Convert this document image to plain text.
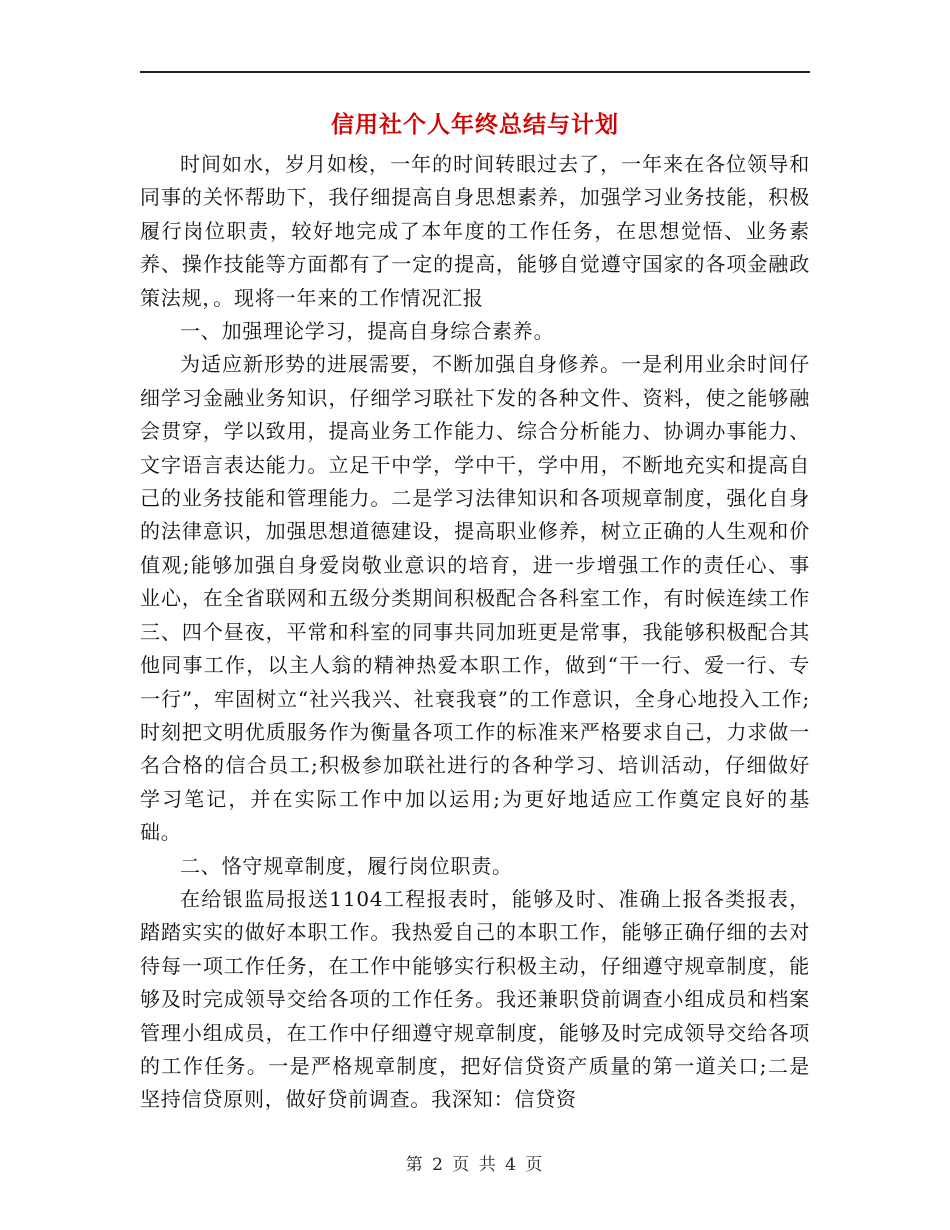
信用社个人年终总结与计划

时间如水，岁月如梭，一年的时间转眼过去了，一年来在各位领导和同事的关怀帮助下，我仔细提高自身思想素养，加强学习业务技能，积极履行岗位职责，较好地完成了本年度的工作任务，在思想觉悟、业务素养、操作技能等方面都有了一定的提高，能够自觉遵守国家的各项金融政策法规，。现将一年来的工作情况汇报

一、加强理论学习，提高自身综合素养。

为适应新形势的进展需要，不断加强自身修养。一是利用业余时间仔细学习金融业务知识，仔细学习联社下发的各种文件、资料，使之能够融会贯穿，学以致用，提高业务工作能力、综合分析能力、协调办事能力、文字语言表达能力。立足干中学，学中干，学中用，不断地充实和提高自己的业务技能和管理能力。二是学习法律知识和各项规章制度，强化自身的法律意识，加强思想道德建设，提高职业修养，树立正确的人生观和价值观;能够加强自身爱岗敬业意识的培育，进一步增强工作的责任心、事业心，在全省联网和五级分类期间积极配合各科室工作，有时候连续工作三、四个昼夜，平常和科室的同事共同加班更是常事，我能够积极配合其他同事工作，以主人翁的精神热爱本职工作，做到“干一行、爱一行、专一行”，牢固树立“社兴我兴、社衰我衰”的工作意识，全身心地投入工作;时刻把文明优质服务作为衡量各项工作的标准来严格要求自己，力求做一名合格的信合员工;积极参加联社进行的各种学习、培训活动，仔细做好学习笔记，并在实际工作中加以运用;为更好地适应工作奠定良好的基础。

二、恪守规章制度，履行岗位职责。

在给银监局报送1104工程报表时，能够及时、准确上报各类报表，踏踏实实的做好本职工作。我热爱自己的本职工作，能够正确仔细的去对待每一项工作任务，在工作中能够实行积极主动，仔细遵守规章制度，能够及时完成领导交给各项的工作任务。我还兼职贷前调查小组成员和档案管理小组成员，在工作中仔细遵守规章制度，能够及时完成领导交给各项的工作任务。一是严格规章制度，把好信贷资产质量的第一道关口;二是坚持信贷原则，做好贷前调查。我深知：信贷资

第 2 页 共 4 页
